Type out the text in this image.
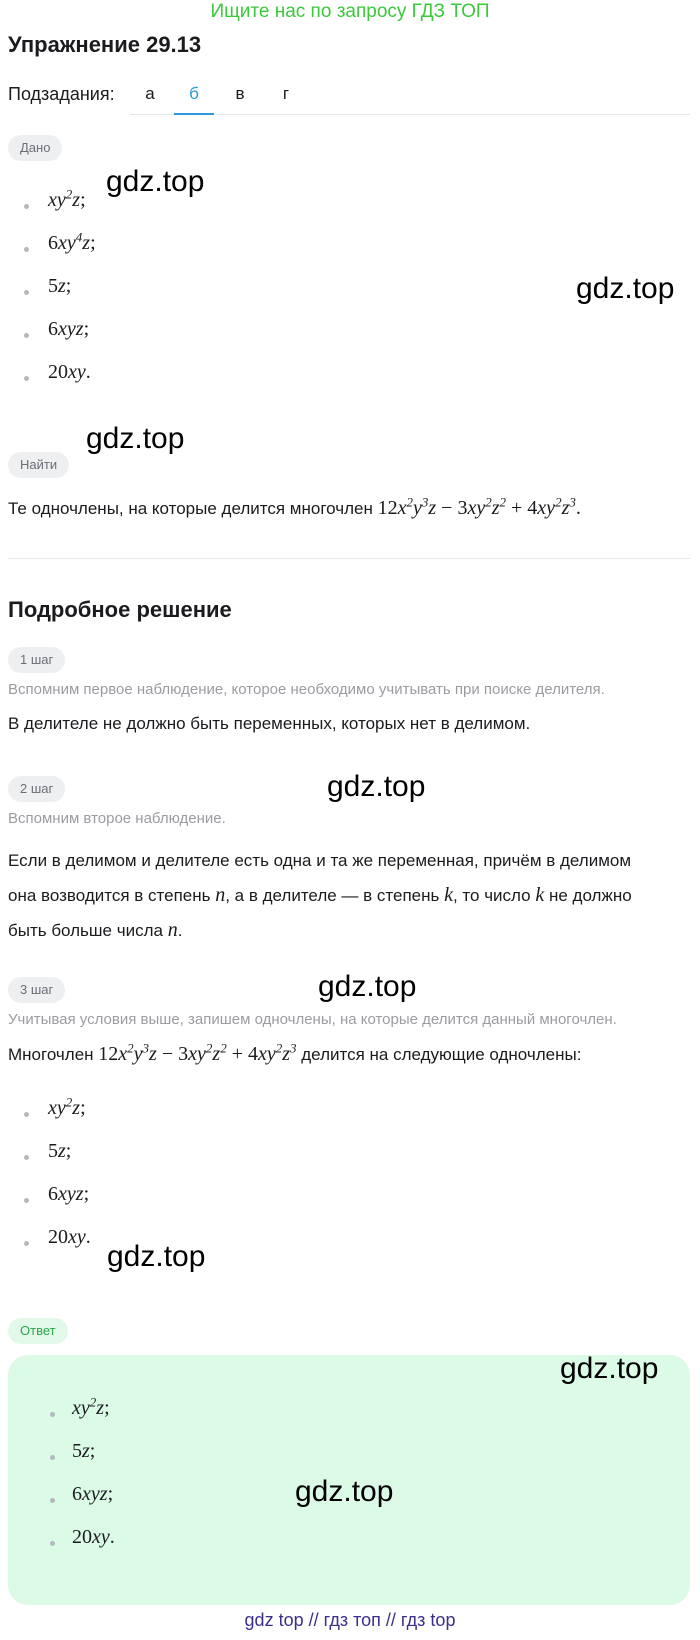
Ищите нас по запросу ГДЗ ТОП
Упражнение 29.13
Подзадания:	а	б	в	г
Дано
$xy^2z$;
$6xy^4z$;
5z;
6xyz;
20xy.
Найти
Те одночлены, на которые делится многочлен $12x^2y^3z - 3xy^2z^2 + 4xy^2z^3$.
Подробное решение
1 шаг
Вспомним первое наблюдение, которое необходимо учитывать при поиске делителя.
В делителе не должно быть переменных, которых нет в делимом.
2 шаг
Вспомним второе наблюдение.
Если в делимом и делителе есть одна и та же переменная, причём в делимом
она возводится в степень n, а в делителе — в степень k, то число k не должно
быть больше числа n.
3 шаг
Учитывая условия выше, запишем одночлены, на которые делится данный многочлен.
Многочлен $12x^2y^3z - 3xy^2z^2 + 4xy^2z^3$ делится на следующие одночлены:
$xy^2z$;
5z;
6xyz;
20xy.
Ответ
$xy^2z$;
5z;
6xyz;
20xy.
gdz.top
gdz.top
gdz.top
gdz.top
gdz.top
gdz.top
gdz.top
gdz.top
gdz top // гдз топ // гдз top
